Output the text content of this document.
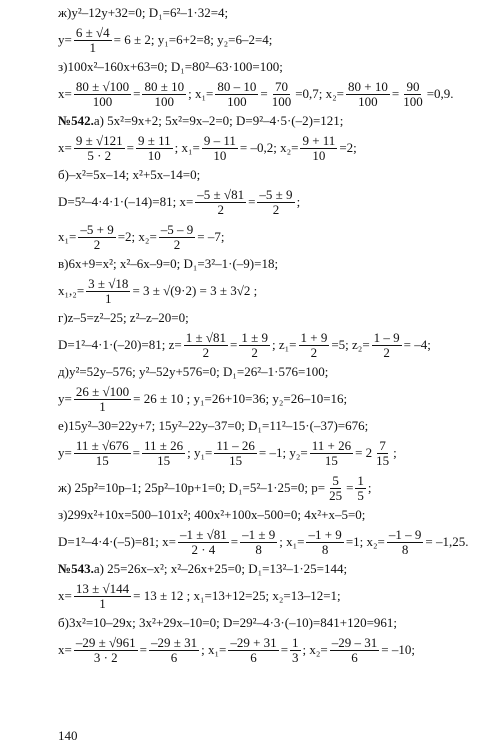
ж) y²–12y+32=0; D₁=6²–1·32=4;
$y= \frac{6 \pm √4}{1} = 6 \pm 2$; y₁=6+2=8; y₂=6–2=4;
з) 100x²–160x+63=0; D₁=80²–63·100=100;
$x= \frac{80 \pm √100}{100} = \frac{80 \pm 10}{100}$ ; $x_1= \frac{80 - 10}{100} = \frac{70}{100} =0,7$; $x_2= \frac{80 + 10}{100} = \frac{90}{100} =0,9$.
№542. а) 5x²=9x+2; 5x²=9x–2=0; D=9²–4·5·(–2)=121;
$x= \frac{9 \pm √121}{5 \cdot 2} = \frac{9 \pm 11}{10}$ ; $x_1= \frac{9 - 11}{10} = -0,2$; $x_2= \frac{9 + 11}{10} =2$;
б) –x²=5x–14; x²+5x–14=0;
D=5²–4·4·1·(–14)=81; $x= \frac{-5 \pm √81}{2} = \frac{-5 \pm 9}{2}$ ;
$x_1= \frac{-5 + 9}{2} =2$; $x_2= \frac{-5 - 9}{2} = -7$;
в) 6x+9=x²; x²–6x–9=0; D₁=3²–1·(–9)=18;
$x_1,_2= \frac{3 \pm √18}{1} = 3 \pm √(9\cdot 2) = 3 \pm 3√2$ ;
г) z–5=z²–25; z²–z–20=0;
D=1²–4·1·(–20)=81; $z= \frac{1 \pm √81}{2} = \frac{1 \pm 9}{2}$ ; $z_1= \frac{1 + 9}{2} =5$; $z_2= \frac{1 - 9}{2} = -4$;
д) y²=52y–576; y²–52y+576=0; D₁=26²–1·576=100;
$y= \frac{26 \pm √100}{1} = 26 \pm 10$ ; y₁=26+10=36; y₂=26–10=16;
е) 15y²–30=22y+7; 15y²–22y–37=0; D₁=11²–15·(–37)=676;
$y= \frac{11 \pm √676}{15} = \frac{11 \pm 26}{15}$ ; $y_1= \frac{11 - 26}{15} = -1$; $y_2= \frac{11 + 26}{15} = 2 \frac{7}{15}$ ;
ж) 25p²=10p–1; 25p²–10p+1=0; D₁=5²–1·25=0; $p= \frac{5}{25} = \frac{1}{5}$ ;
з) 299x²+10x=500–101x²; 400x²+100x–500=0; 4x²+x–5=0;
D=1²–4·4·(–5)=81; $x= \frac{-1 \pm √81}{2 \cdot 4} = \frac{-1 \pm 9}{8}$ ; $x_1= \frac{-1 + 9}{8} =1$; $x_2= \frac{-1 - 9}{8} = -1,25$.
№543. а) 25=26x–x²; x²–26x+25=0; D₁=13²–1·25=144;
$x= \frac{13 \pm √144}{1} = 13 \pm 12$ ; x₁=13+12=25; x₂=13–12=1;
б) 3x²=10–29x; 3x²+29x–10=0; D=29²–4·3·(–10)=841+120=961;
$x= \frac{-29 \pm √961}{3 \cdot 2} = \frac{-29 \pm 31}{6}$ ; $x_1= \frac{-29 + 31}{6} = \frac{1}{3}$ ; $x_2= \frac{-29 - 31}{6} = -10$;
140
